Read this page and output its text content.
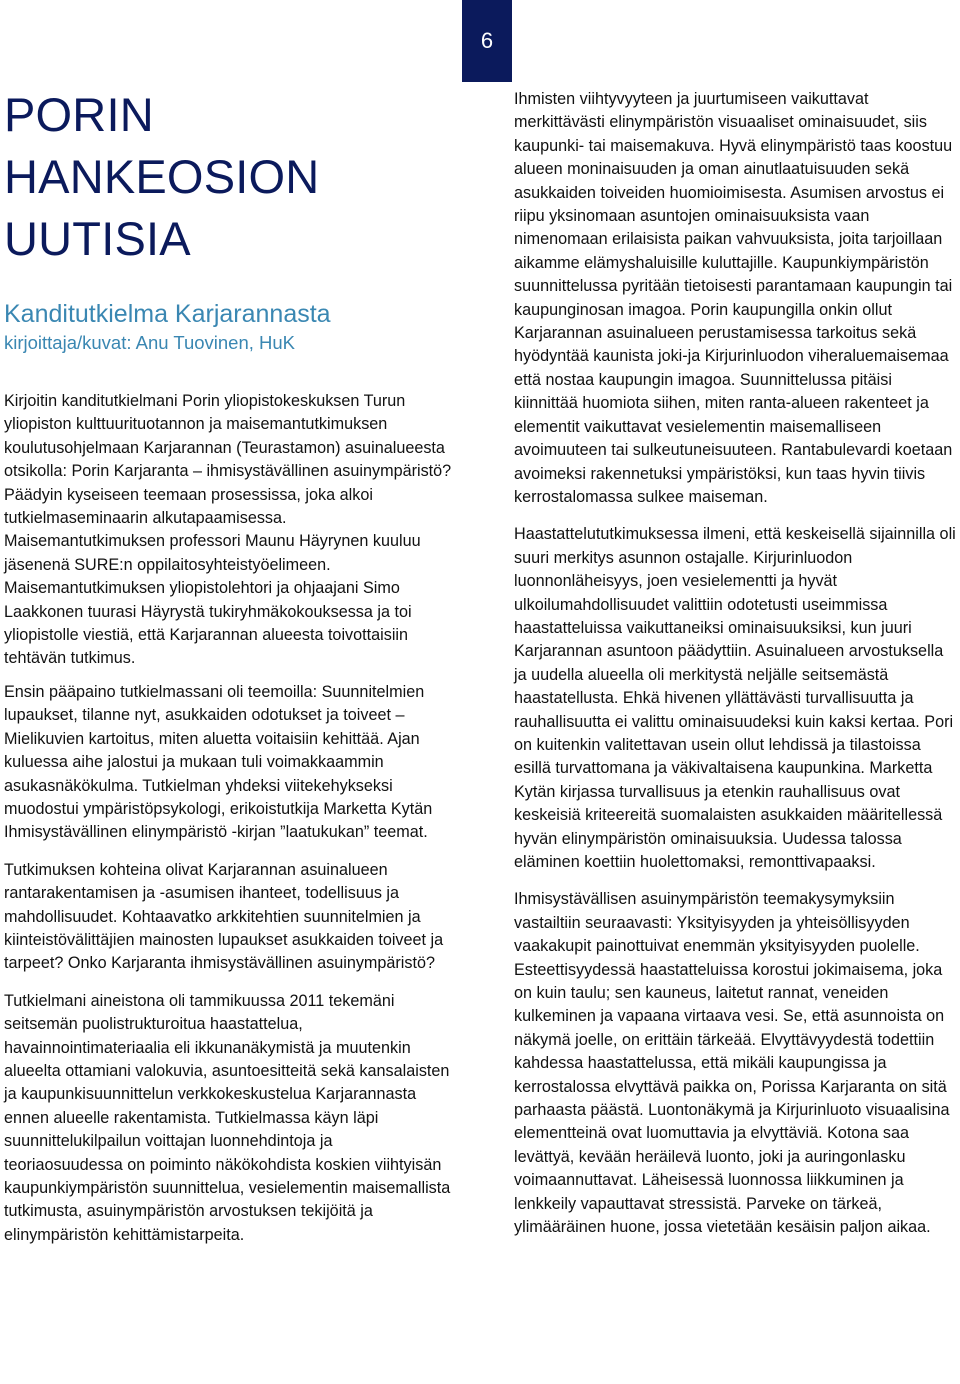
6
PORIN
HANKEOSION
UUTISIA
Kanditutkielma Karjarannasta

kirjoittaja/kuvat: Anu Tuovinen, HuK

Kirjoitin kanditutkielmani Porin yliopistokeskuksen Turun yliopiston kulttuurituotannon ja maisemantutkimuksen koulutusohjelmaan Karjarannan (Teurastamon) asuinalueesta otsikolla: Porin Karjaranta – ihmisystävällinen asuinympäristö? Päädyin kyseiseen teemaan prosessissa, joka alkoi tutkielmaseminaarin alkutapaamisessa. Maisemantutkimuksen professori Maunu Häyrynen kuuluu jäsenenä SURE:n oppilaitosyhteistyöelimeen. Maisemantutkimuksen yliopistolehtori ja ohjaajani Simo Laakkonen tuurasi Häyrystä tukiryhmäkokouksessa ja toi yliopistolle viestiä, että Karjarannan alueesta toivottaisiin tehtävän tutkimus.

Ensin pääpaino tutkielmassani oli teemoilla: Suunnitelmien lupaukset, tilanne nyt, asukkaiden odotukset ja toiveet – Mielikuvien kartoitus, miten aluetta voitaisiin kehittää. Ajan kuluessa aihe jalostui ja mukaan tuli voimakkaammin asukasnäkökulma. Tutkielman yhdeksi viitekehykseksi muodostui ympäristöpsykologi, erikoistutkija Marketta Kytän Ihmisystävällinen elinympäristö -kirjan ”laatukukan” teemat.

Tutkimuksen kohteina olivat Karjarannan asuinalueen rantarakentamisen ja -asumisen ihanteet, todellisuus ja mahdollisuudet. Kohtaavatko arkkitehtien suunnitelmien ja kiinteistövälittäjien mainosten lupaukset asukkaiden toiveet ja tarpeet? Onko Karjaranta ihmisystävällinen asuinympäristö?

Tutkielmani aineistona oli tammikuussa 2011 tekemäni seitsemän puolistrukturoitua haastattelua, havainnointimateriaalia eli ikkunanäkymistä ja muutenkin alueelta ottamiani valokuvia, asuntoesitteitä sekä kansalaisten ja kaupunkisuunnittelun verkkokeskustelua Karjarannasta ennen alueelle rakentamista. Tutkielmassa käyn läpi suunnittelukilpailun voittajan luonnehdintoja ja teoriaosuudessa on poiminto näkökohdista koskien viihtyisän kaupunkiympäristön suunnittelua, vesielementin maisemallista tutkimusta, asuinympäristön arvostuksen tekijöitä ja elinympäristön kehittämistarpeita.

Ihmisten viihtyvyyteen ja juurtumiseen vaikuttavat merkittävästi elinympäristön visuaaliset ominaisuudet, siis kaupunki- tai maisemakuva. Hyvä elinympäristö taas koostuu alueen moninaisuuden ja oman ainutlaatuisuuden sekä asukkaiden toiveiden huomioimisesta. Asumisen arvostus ei riipu yksinomaan asuntojen ominaisuuksista vaan nimenomaan erilaisista paikan vahvuuksista, joita tarjoillaan aikamme elämyshaluisille kuluttajille. Kaupunkiympäristön suunnittelussa pyritään tietoisesti parantamaan kaupungin tai kaupunginosan imagoa. Porin kaupungilla onkin ollut Karjarannan asuinalueen perustamisessa tarkoitus sekä hyödyntää kaunista joki-ja Kirjurinluodon viheraluemaisemaa että nostaa kaupungin imagoa. Suunnittelussa pitäisi kiinnittää huomiota siihen, miten ranta-alueen rakenteet ja elementit vaikuttavat vesielementin maisemalliseen avoimuuteen tai sulkeutuneisuuteen. Rantabulevardi koetaan avoimeksi rakennetuksi ympäristöksi, kun taas hyvin tiivis kerrostalomassa sulkee maiseman.

Haastattelututkimuksessa ilmeni, että keskeisellä sijainnilla oli suuri merkitys asunnon ostajalle. Kirjurinluodon luonnonläheisyys, joen vesielementti ja hyvät ulkoilumahdollisuudet valittiin odotetusti useimmissa haastatteluissa vaikuttaneiksi ominaisuuksiksi, kun juuri Karjarannan asuntoon päädyttiin. Asuinalueen arvostuksella ja uudella alueella oli merkitystä neljälle seitsemästä haastatellusta. Ehkä hivenen yllättävästi turvallisuutta ja rauhallisuutta ei valittu ominaisuudeksi kuin kaksi kertaa. Pori on kuitenkin valitettavan usein ollut lehdissä ja tilastoissa esillä turvattomana ja väkivaltaisena kaupunkina. Marketta Kytän kirjassa turvallisuus ja etenkin rauhallisuus ovat keskeisiä kriteereitä suomalaisten asukkaiden määritellessä hyvän elinympäristön ominaisuuksia. Uudessa talossa eläminen koettiin huolettomaksi, remonttivapaaksi.

Ihmisystävällisen asuinympäristön teemakysymyksiin vastailtiin seuraavasti: Yksityisyyden ja yhteisöllisyyden vaakakupit painottuivat enemmän yksityisyyden puolelle. Esteettisyydessä haastatteluissa korostui jokimaisema, joka on kuin taulu; sen kauneus, laitetut rannat, veneiden kulkeminen ja vapaana virtaava vesi. Se, että asunnoista on näkymä joelle, on erittäin tärkeää. Elvyttävyydestä todettiin kahdessa haastattelussa, että mikäli kaupungissa ja kerrostalossa elvyttävä paikka on, Porissa Karjaranta on sitä parhaasta päästä. Luontonäkymä ja Kirjurinluoto visuaalisina elementteinä ovat luomuttavia ja elvyttäviä. Kotona saa levättyä, kevään heräilevä luonto, joki ja auringonlasku voimaannuttavat. Läheisessä luonnossa liikkuminen ja lenkkeily vapauttavat stressistä. Parveke on tärkeä, ylimääräinen huone, jossa vietetään kesäisin paljon aikaa.
